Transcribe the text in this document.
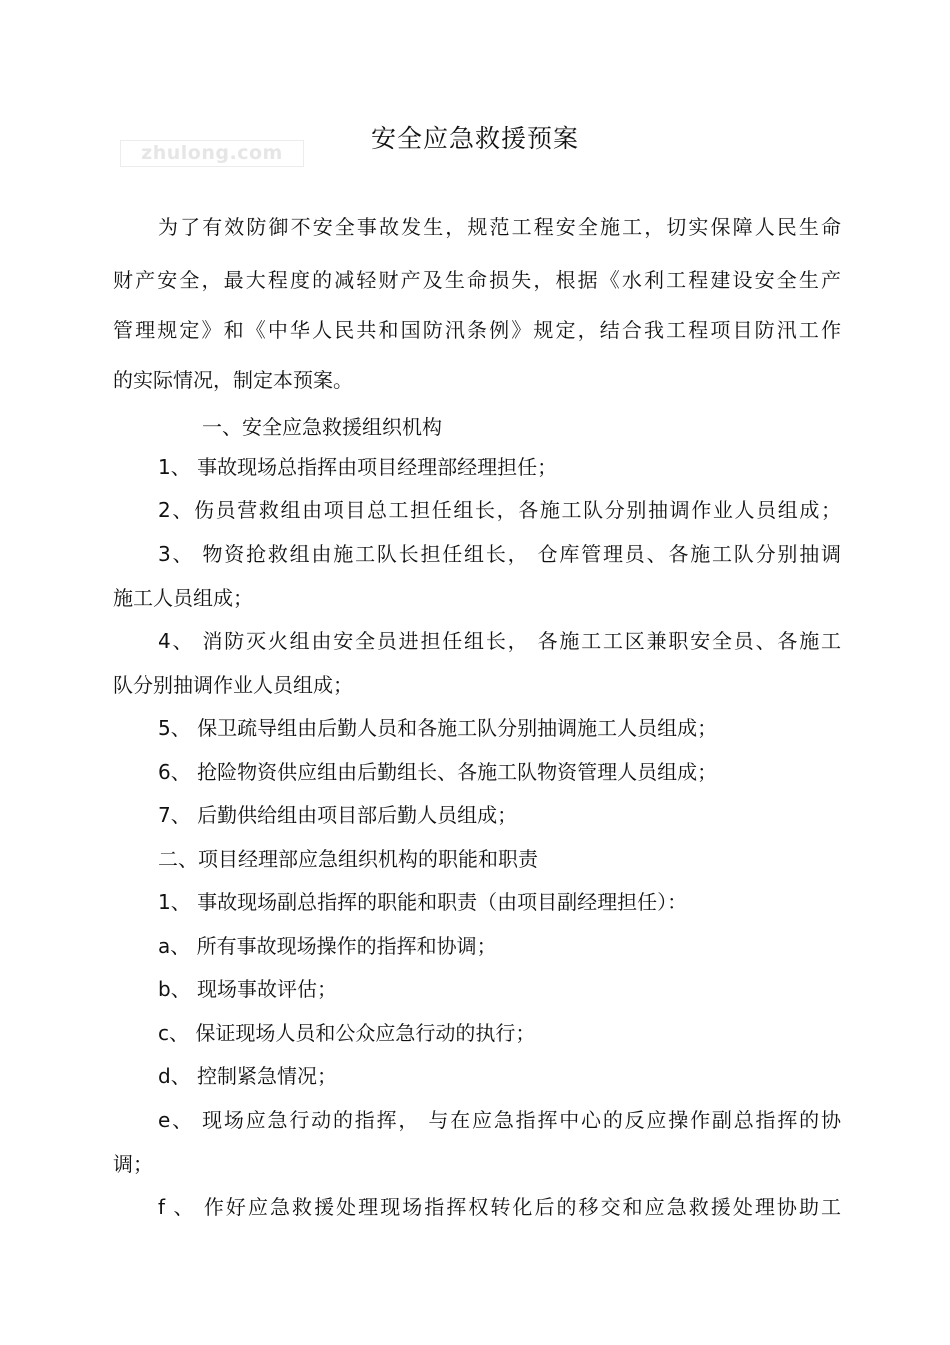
zhulong.com	安全应急救援预案
为了有效防御不安全事故发生，规范工程安全施工，切实保障人民生命
财产安全，最大程度的减轻财产及生命损失，根据《水利工程建设安全生产
管理规定》和《中华人民共和国防汛条例》规定，结合我工程项目防汛工作
的实际情况，制定本预案。
一、安全应急救援组织机构
1、 事故现场总指挥由项目经理部经理担任；
2、伤员营救组由项目总工担任组长，各施工队分别抽调作业人员组成；
3、 物资抢救组由施工队长担任组长， 仓库管理员、各施工队分别抽调
施工人员组成；
4、 消防灭火组由安全员进担任组长， 各施工工区兼职安全员、各施工
队分别抽调作业人员组成；
5、 保卫疏导组由后勤人员和各施工队分别抽调施工人员组成；
6、 抢险物资供应组由后勤组长、各施工队物资管理人员组成；
7、 后勤供给组由项目部后勤人员组成；
二、项目经理部应急组织机构的职能和职责
1、 事故现场副总指挥的职能和职责（由项目副经理担任）：
a、 所有事故现场操作的指挥和协调；
b、 现场事故评估；
c、 保证现场人员和公众应急行动的执行；
d、 控制紧急情况；
e、 现场应急行动的指挥， 与在应急指挥中心的反应操作副总指挥的协
调；
f 、 作好应急救援处理现场指挥权转化后的移交和应急救援处理协助工
